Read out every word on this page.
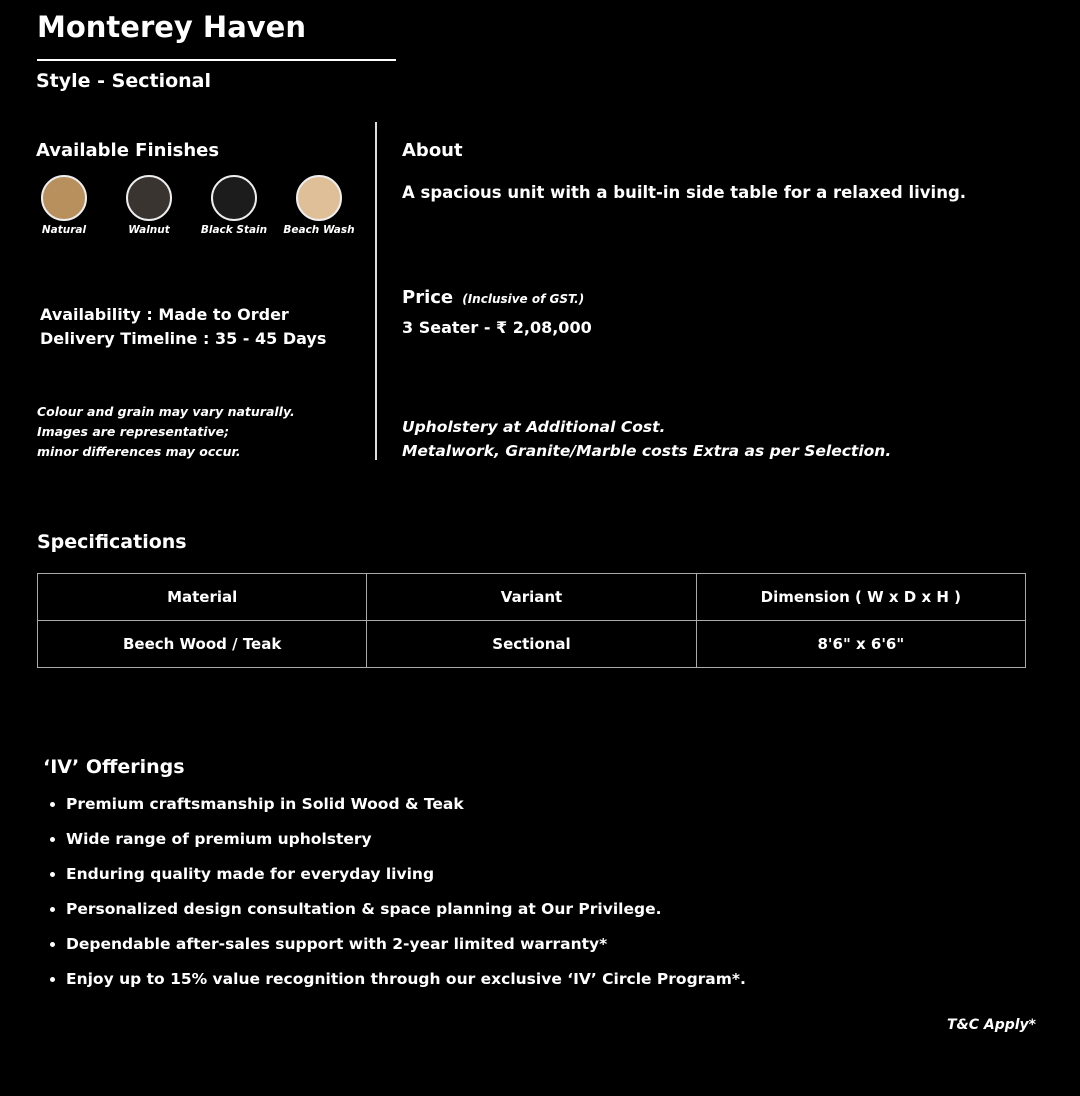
Monterey Haven
Style - Sectional
Available Finishes
Natural	Walnut	Black Stain	Beach Wash
Availability : Made to Order
Delivery Timeline : 35 - 45 Days
Colour and grain may vary naturally.
Images are representative;
minor differences may occur.
About
A spacious unit with a built-in side table for a relaxed living.
Price (Inclusive of GST.)
3 Seater - ₹ 2,08,000
Upholstery at Additional Cost.
Metalwork, Granite/Marble costs Extra as per Selection.
Specifications
Material	Variant	Dimension ( W x D x H )
Beech Wood / Teak	Sectional	8'6" x 6'6"
‘IV’ Offerings
• Premium craftsmanship in Solid Wood & Teak
• Wide range of premium upholstery
• Enduring quality made for everyday living
• Personalized design consultation & space planning at Our Privilege.
• Dependable after-sales support with 2-year limited warranty*
• Enjoy up to 15% value recognition through our exclusive ‘IV’ Circle Program*.
T&C Apply*
